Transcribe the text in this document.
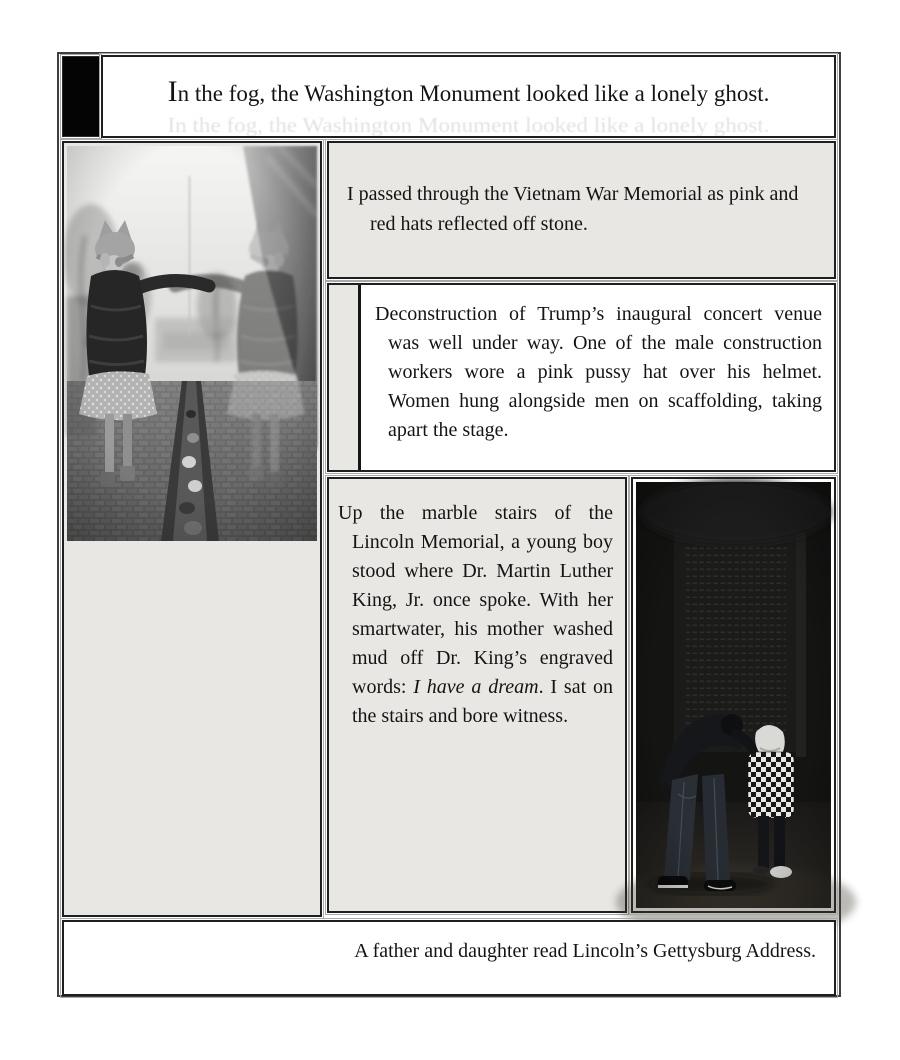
In the fog, the Washington Monument looked like a lonely ghost.
In the fog, the Washington Monument looked like a lonely ghost.
I passed through the Vietnam War Memorial as pink and red hats reflected off stone.
Deconstruction of Trump’s inaugural concert venue was well under way. One of the male construction workers wore a pink pussy hat over his helmet. Women hung alongside men on scaffolding, taking apart the stage.
Up the marble stairs of the Lincoln Memorial, a young boy stood where Dr. Martin Luther King, Jr. once spoke. With her smartwater, his mother washed mud off Dr. King’s engraved words: I have a dream. I sat on the stairs and bore witness.
A father and daughter read Lincoln’s Gettysburg Address.
